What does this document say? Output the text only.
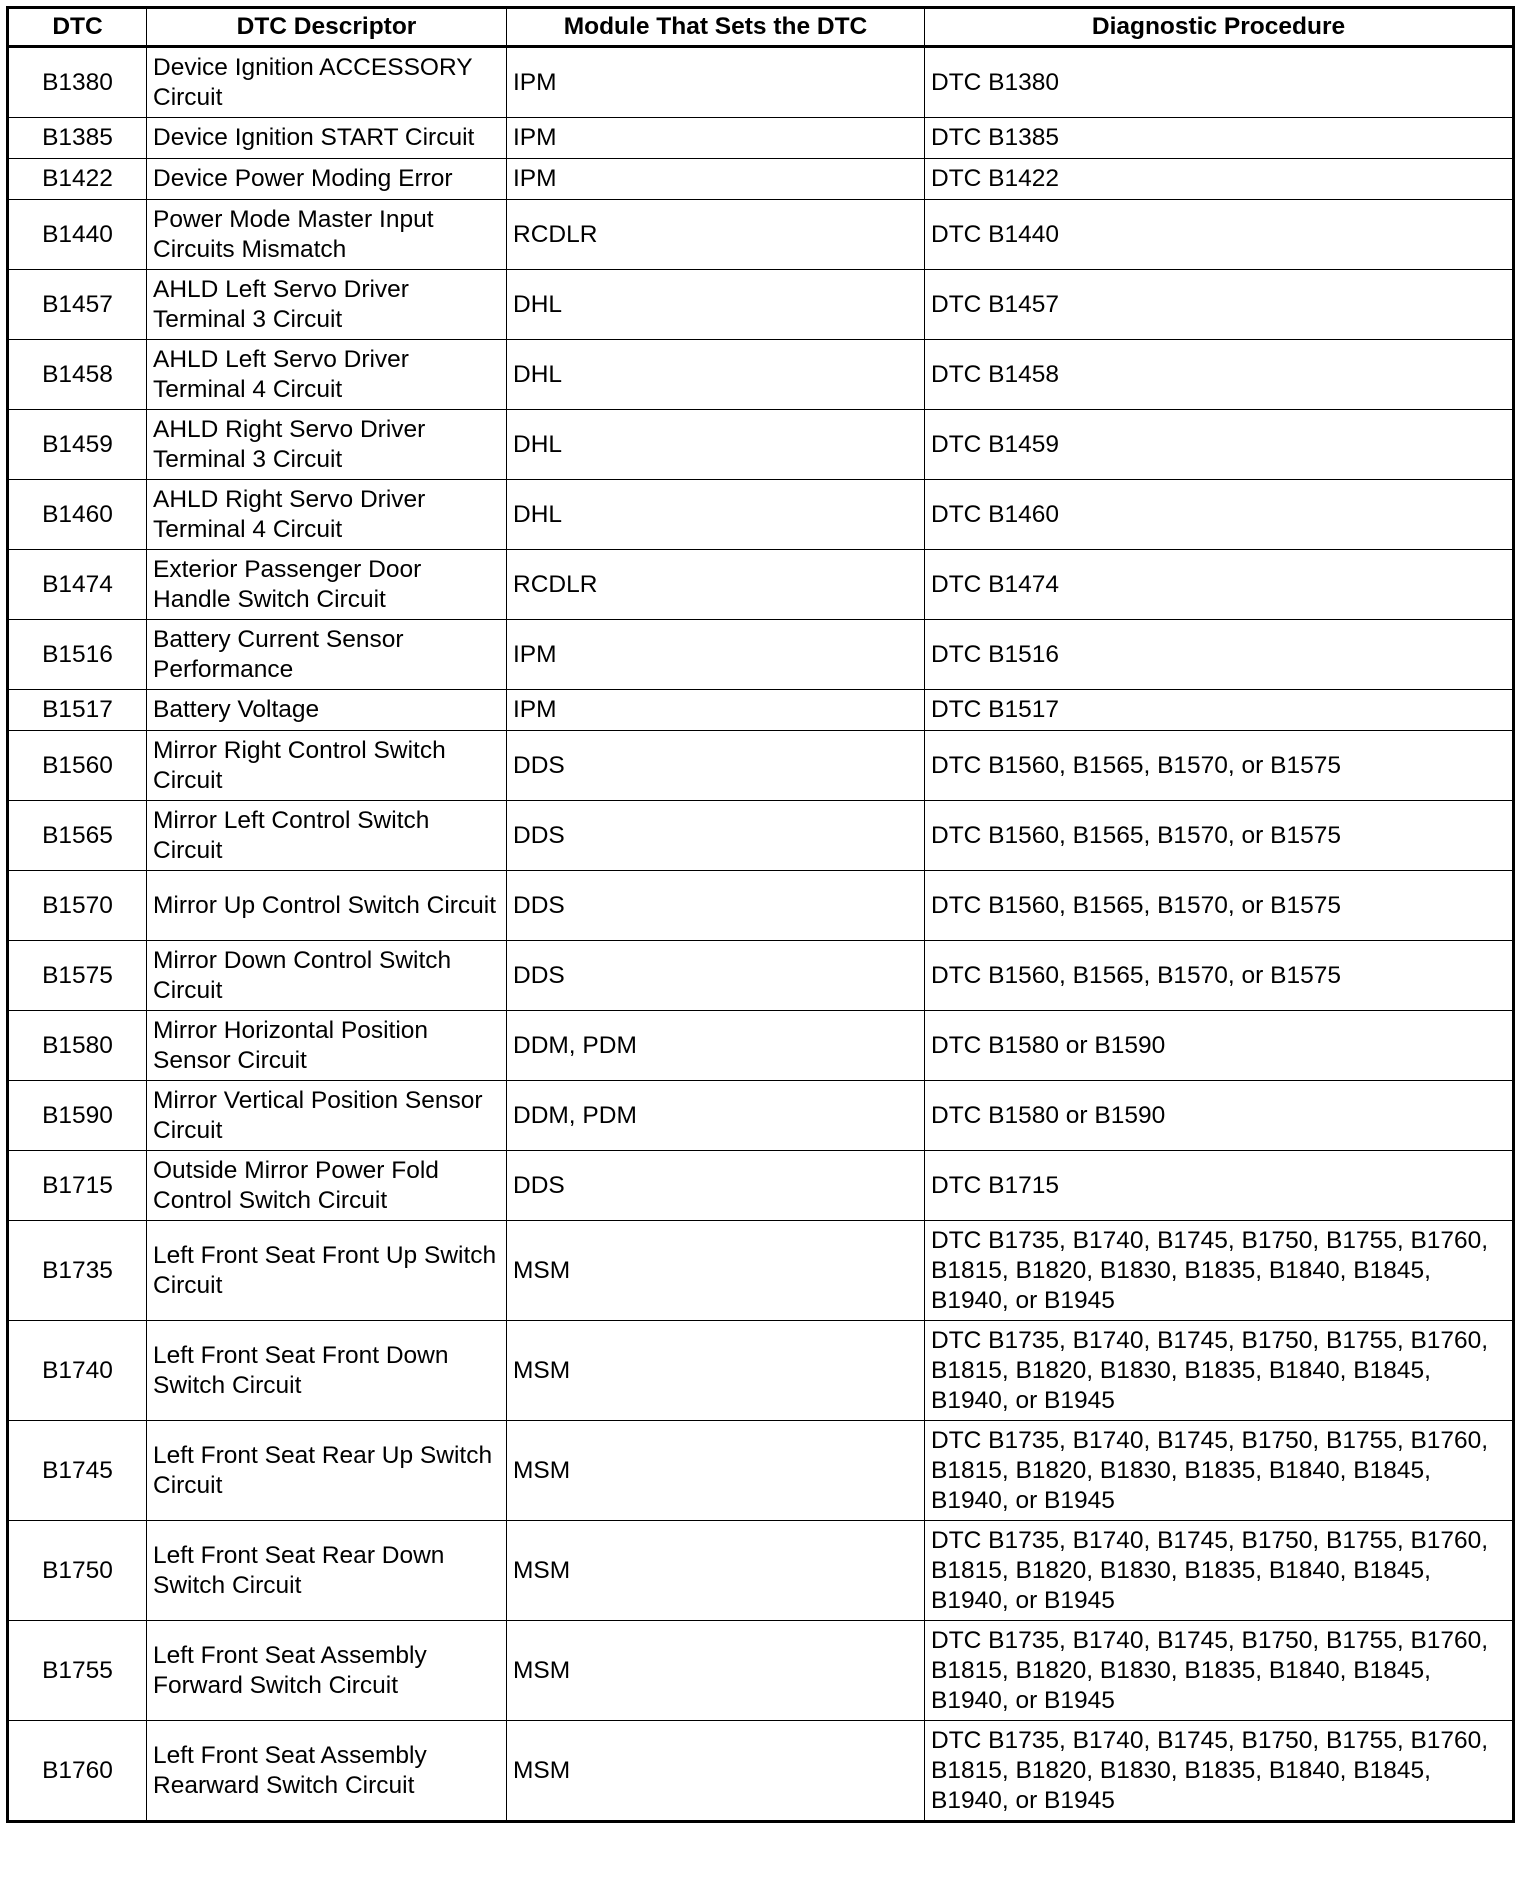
DTC	DTC Descriptor	Module That Sets the DTC	Diagnostic Procedure
B1380	Device Ignition ACCESSORY Circuit	IPM	DTC B1380
B1385	Device Ignition START Circuit	IPM	DTC B1385
B1422	Device Power Moding Error	IPM	DTC B1422
B1440	Power Mode Master Input Circuits Mismatch	RCDLR	DTC B1440
B1457	AHLD Left Servo Driver Terminal 3 Circuit	DHL	DTC B1457
B1458	AHLD Left Servo Driver Terminal 4 Circuit	DHL	DTC B1458
B1459	AHLD Right Servo Driver Terminal 3 Circuit	DHL	DTC B1459
B1460	AHLD Right Servo Driver Terminal 4 Circuit	DHL	DTC B1460
B1474	Exterior Passenger Door Handle Switch Circuit	RCDLR	DTC B1474
B1516	Battery Current Sensor Performance	IPM	DTC B1516
B1517	Battery Voltage	IPM	DTC B1517
B1560	Mirror Right Control Switch Circuit	DDS	DTC B1560, B1565, B1570, or B1575
B1565	Mirror Left Control Switch Circuit	DDS	DTC B1560, B1565, B1570, or B1575
B1570	Mirror Up Control Switch Circuit	DDS	DTC B1560, B1565, B1570, or B1575
B1575	Mirror Down Control Switch Circuit	DDS	DTC B1560, B1565, B1570, or B1575
B1580	Mirror Horizontal Position Sensor Circuit	DDM, PDM	DTC B1580 or B1590
B1590	Mirror Vertical Position Sensor Circuit	DDM, PDM	DTC B1580 or B1590
B1715	Outside Mirror Power Fold Control Switch Circuit	DDS	DTC B1715
B1735	Left Front Seat Front Up Switch Circuit	MSM	DTC B1735, B1740, B1745, B1750, B1755, B1760, B1815, B1820, B1830, B1835, B1840, B1845, B1940, or B1945
B1740	Left Front Seat Front Down Switch Circuit	MSM	DTC B1735, B1740, B1745, B1750, B1755, B1760, B1815, B1820, B1830, B1835, B1840, B1845, B1940, or B1945
B1745	Left Front Seat Rear Up Switch Circuit	MSM	DTC B1735, B1740, B1745, B1750, B1755, B1760, B1815, B1820, B1830, B1835, B1840, B1845, B1940, or B1945
B1750	Left Front Seat Rear Down Switch Circuit	MSM	DTC B1735, B1740, B1745, B1750, B1755, B1760, B1815, B1820, B1830, B1835, B1840, B1845, B1940, or B1945
B1755	Left Front Seat Assembly Forward Switch Circuit	MSM	DTC B1735, B1740, B1745, B1750, B1755, B1760, B1815, B1820, B1830, B1835, B1840, B1845, B1940, or B1945
B1760	Left Front Seat Assembly Rearward Switch Circuit	MSM	DTC B1735, B1740, B1745, B1750, B1755, B1760, B1815, B1820, B1830, B1835, B1840, B1845, B1940, or B1945
